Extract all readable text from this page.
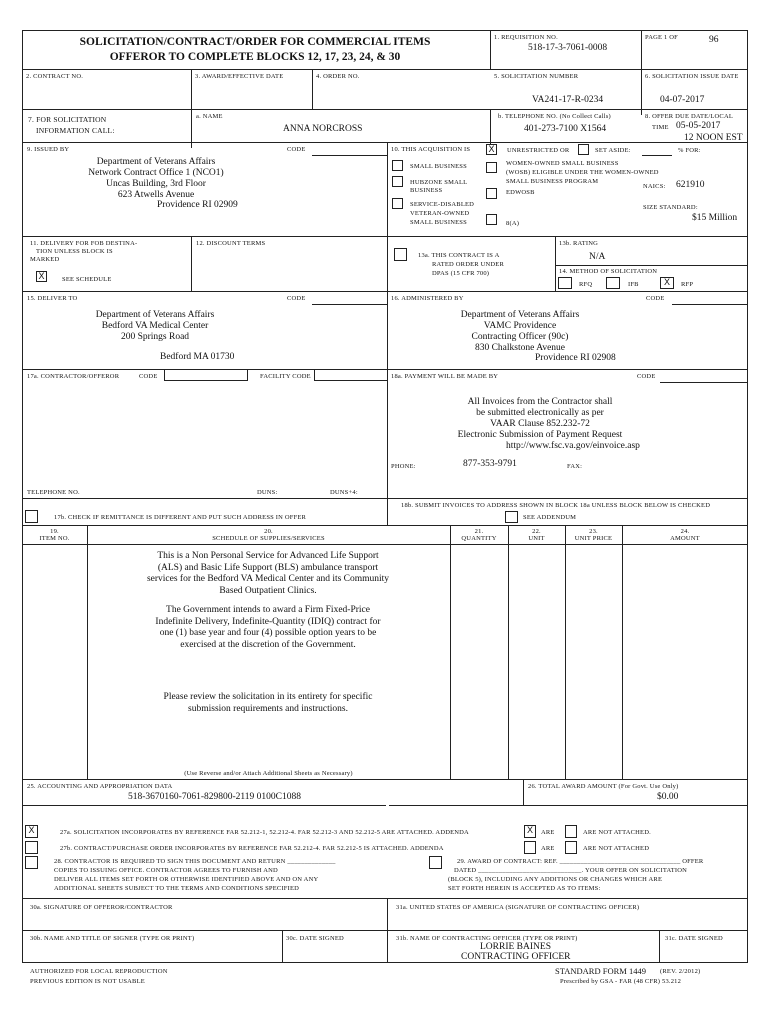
SOLICITATION/CONTRACT/ORDER FOR COMMERCIAL ITEMS
OFFEROR TO COMPLETE BLOCKS 12, 17, 23, 24, & 30
1. REQUISITION NO.
518-17-3-7061-0008
PAGE 1 OF	96
2. CONTRACT NO.	3. AWARD/EFFECTIVE DATE	4. ORDER NO.	5. SOLICITATION NUMBER
VA241-17-R-0234
6. SOLICITATION ISSUE DATE
04-07-2017
7. FOR SOLICITATION
INFORMATION CALL:
a. NAME
ANNA NORCROSS
b. TELEPHONE NO. (No Collect Calls)
401-273-7100 X1564
8. OFFER DUE DATE/LOCAL
TIME 05-05-2017
12 NOON EST
9. ISSUED BY	CODE
Department of Veterans Affairs
Network Contract Office 1 (NCO1)
Uncas Building, 3rd Floor
623 Atwells Avenue
Providence RI 02909
10. THIS ACQUISITION IS X	UNRESTRICTED OR	SET ASIDE:	% FOR:
SMALL BUSINESS
HUBZONE SMALL
BUSINESS
SERVICE-DISABLED
VETERAN-OWNED
SMALL BUSINESS
WOMEN-OWNED SMALL BUSINESS
(WOSB) ELIGIBLE UNDER THE WOMEN-OWNED
SMALL BUSINESS PROGRAM
EDWOSB
8(A)
NAICS: 621910
SIZE STANDARD:
$15 Million
11. DELIVERY FOR FOB DESTINA-
TION UNLESS BLOCK IS
MARKED
X	SEE SCHEDULE
12. DISCOUNT TERMS
13a. THIS CONTRACT IS A
RATED ORDER UNDER
DPAS (15 CFR 700)
13b. RATING
N/A
14. METHOD OF SOLICITATION
RFQ	IFB	X	RFP
15. DELIVER TO	CODE
Department of Veterans Affairs
Bedford VA Medical Center
200 Springs Road
Bedford MA 01730
16. ADMINISTERED BY	CODE
Department of Veterans Affairs
VAMC Providence
Contracting Officer (90c)
830 Chalkstone Avenue
Providence RI 02908
17a. CONTRACTOR/OFFEROR	CODE	FACILITY CODE
TELEPHONE NO.	DUNS:	DUNS+4:
17b. CHECK IF REMITTANCE IS DIFFERENT AND PUT SUCH ADDRESS IN OFFER
18a. PAYMENT WILL BE MADE BY	CODE
All Invoices from the Contractor shall
be submitted electronically as per
VAAR Clause 852.232-72
Electronic Submission of Payment Request
http://www.fsc.va.gov/einvoice.asp
PHONE:	877-353-9791	FAX:
18b. SUBMIT INVOICES TO ADDRESS SHOWN IN BLOCK 18a UNLESS BLOCK BELOW IS CHECKED
SEE ADDENDUM
19.
ITEM NO.
20.
SCHEDULE OF SUPPLIES/SERVICES
21.
QUANTITY
22.
UNIT
23.
UNIT PRICE
24.
AMOUNT
This is a Non Personal Service for Advanced Life Support
(ALS) and Basic Life Support (BLS) ambulance transport
services for the Bedford VA Medical Center and its Community
Based Outpatient Clinics.
The Government intends to award a Firm Fixed-Price
Indefinite Delivery, Indefinite-Quantity (IDIQ) contract for
one (1) base year and four (4) possible option years to be
exercised at the discretion of the Government.
Please review the solicitation in its entirety for specific
submission requirements and instructions.
(Use Reverse and/or Attach Additional Sheets as Necessary)
25. ACCOUNTING AND APPROPRIATION DATA
518-3670160-7061-829800-2119 0100C1088
26. TOTAL AWARD AMOUNT (For Govt. Use Only)
$0.00
X	27a. SOLICITATION INCORPORATES BY REFERENCE FAR 52.212-1, 52.212-4. FAR 52.212-3 AND 52.212-5 ARE ATTACHED. ADDENDA	X	ARE	ARE NOT ATTACHED.
27b. CONTRACT/PURCHASE ORDER INCORPORATES BY REFERENCE FAR 52.212-4. FAR 52.212-5 IS ATTACHED. ADDENDA	ARE	ARE NOT ATTACHED
28. CONTRACTOR IS REQUIRED TO SIGN THIS DOCUMENT AND RETURN ______________
COPIES TO ISSUING OFFICE. CONTRACTOR AGREES TO FURNISH AND
DELIVER ALL ITEMS SET FORTH OR OTHERWISE IDENTIFIED ABOVE AND ON ANY
ADDITIONAL SHEETS SUBJECT TO THE TERMS AND CONDITIONS SPECIFIED
29. AWARD OF CONTRACT: REF. ___________________________________ OFFER
DATED ______________________________. YOUR OFFER ON SOLICITATION
(BLOCK 5), INCLUDING ANY ADDITIONS OR CHANGES WHICH ARE
SET FORTH HEREIN IS ACCEPTED AS TO ITEMS:
30a. SIGNATURE OF OFFEROR/CONTRACTOR	31a. UNITED STATES OF AMERICA (SIGNATURE OF CONTRACTING OFFICER)
30b. NAME AND TITLE OF SIGNER (TYPE OR PRINT)	30c. DATE SIGNED	31b. NAME OF CONTRACTING OFFICER (TYPE OR PRINT)
LORRIE BAINES
CONTRACTING OFFICER
31c. DATE SIGNED
AUTHORIZED FOR LOCAL REPRODUCTION
PREVIOUS EDITION IS NOT USABLE
STANDARD FORM 1449 (REV. 2/2012)
Prescribed by GSA - FAR (48 CFR) 53.212
